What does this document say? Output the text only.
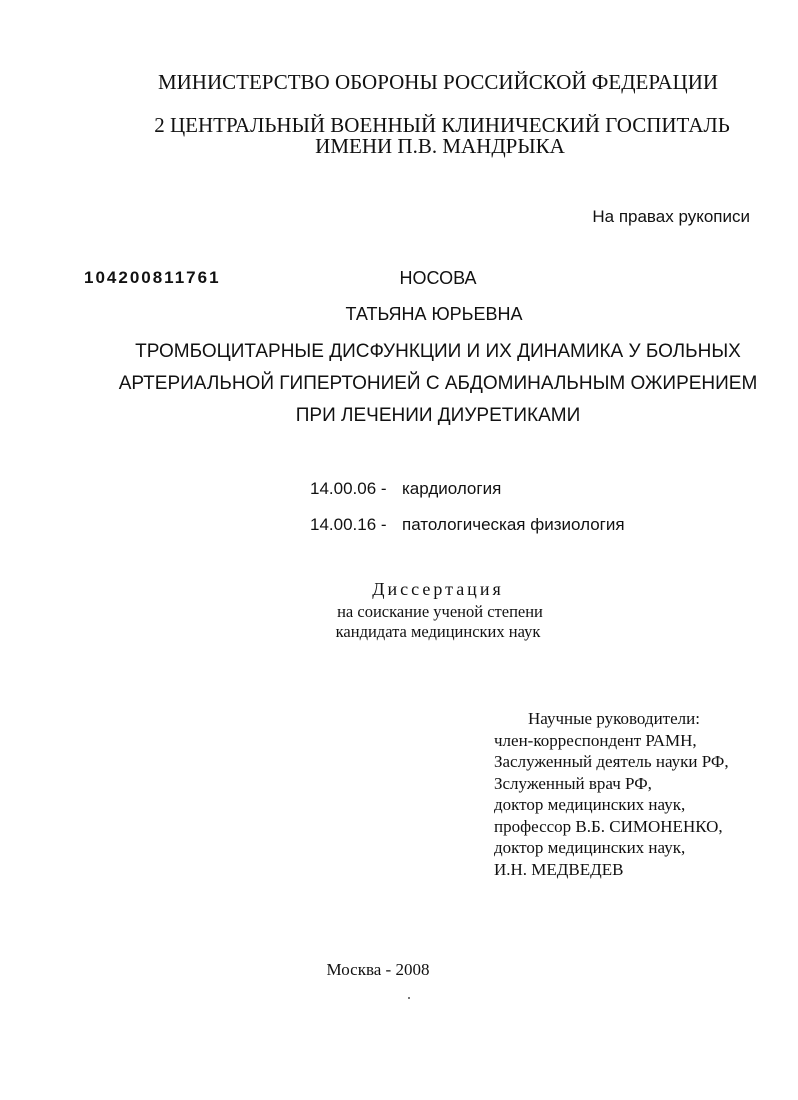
МИНИСТЕРСТВО ОБОРОНЫ РОССИЙСКОЙ ФЕДЕРАЦИИ
2 ЦЕНТРАЛЬНЫЙ ВОЕННЫЙ КЛИНИЧЕСКИЙ ГОСПИТАЛЬ
ИМЕНИ П.В. МАНДРЫКА
На правах рукописи
104200811761	НОСОВА
ТАТЬЯНА ЮРЬЕВНА
ТРОМБОЦИТАРНЫЕ ДИСФУНКЦИИ И ИХ ДИНАМИКА У БОЛЬНЫХ
АРТЕРИАЛЬНОЙ ГИПЕРТОНИЕЙ С АБДОМИНАЛЬНЫМ ОЖИРЕНИЕМ
ПРИ ЛЕЧЕНИИ ДИУРЕТИКАМИ
14.00.06 - кардиология
14.00.16 - патологическая физиология
Диссертация
на соискание ученой степени
кандидата медицинских наук
Научные руководители:
член-корреспондент РАМН,
Заслуженный деятель науки РФ,
Зслуженный врач РФ,
доктор медицинских наук,
профессор В.Б. СИМОНЕНКО,
доктор медицинских наук,
И.Н. МЕДВЕДЕВ
Москва - 2008
